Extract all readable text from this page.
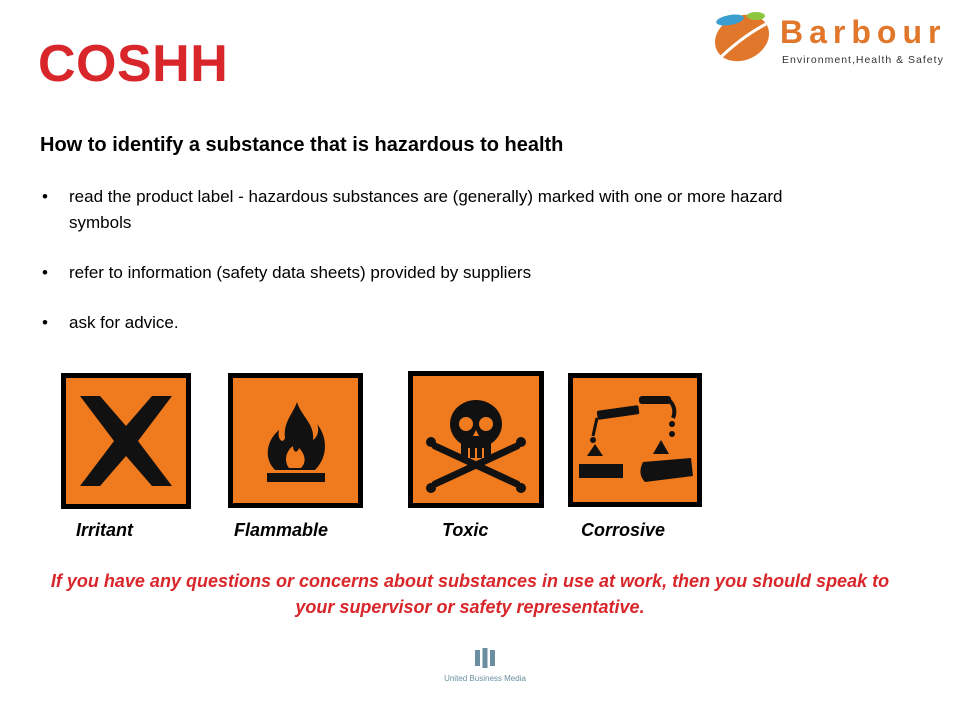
COSHH
Barbour
Environment,Health & Safety
How to identify a substance that is hazardous to health
• read the product label - hazardous substances are (generally) marked with one or more hazard symbols
• refer to information (safety data sheets) provided by suppliers
• ask for advice.
Irritant	Flammable	Toxic	Corrosive
If you have any questions or concerns about substances in use at work, then you should speak to your supervisor or safety representative.
United Business Media
